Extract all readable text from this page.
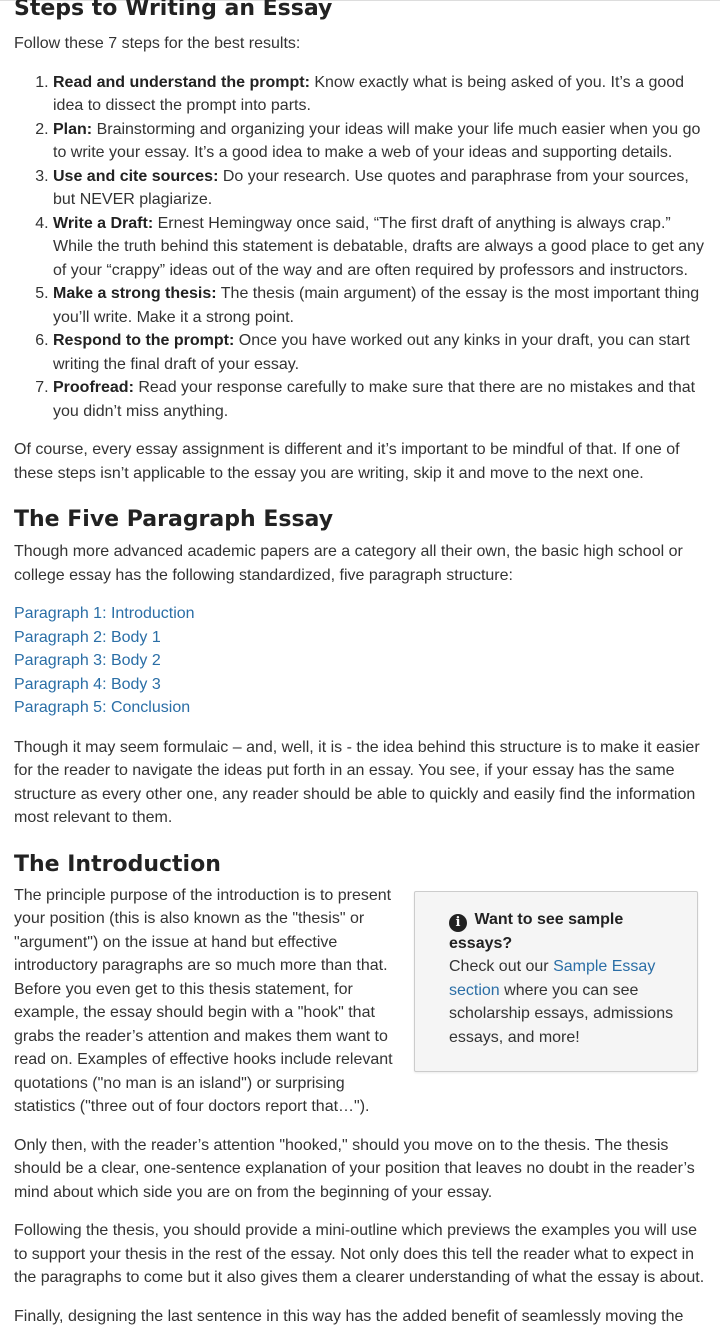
Steps to Writing an Essay

Follow these 7 steps for the best results:

1. Read and understand the prompt: Know exactly what is being asked of you. It’s a good idea to dissect the prompt into parts.
2. Plan: Brainstorming and organizing your ideas will make your life much easier when you go to write your essay. It’s a good idea to make a web of your ideas and supporting details.
3. Use and cite sources: Do your research. Use quotes and paraphrase from your sources, but NEVER plagiarize.
4. Write a Draft: Ernest Hemingway once said, “The first draft of anything is always crap.” While the truth behind this statement is debatable, drafts are always a good place to get any of your “crappy” ideas out of the way and are often required by professors and instructors.
5. Make a strong thesis: The thesis (main argument) of the essay is the most important thing you’ll write. Make it a strong point.
6. Respond to the prompt: Once you have worked out any kinks in your draft, you can start writing the final draft of your essay.
7. Proofread: Read your response carefully to make sure that there are no mistakes and that you didn’t miss anything.

Of course, every essay assignment is different and it’s important to be mindful of that. If one of these steps isn’t applicable to the essay you are writing, skip it and move to the next one.

The Five Paragraph Essay

Though more advanced academic papers are a category all their own, the basic high school or college essay has the following standardized, five paragraph structure:

Paragraph 1: Introduction
Paragraph 2: Body 1
Paragraph 3: Body 2
Paragraph 4: Body 3
Paragraph 5: Conclusion

Though it may seem formulaic – and, well, it is - the idea behind this structure is to make it easier for the reader to navigate the ideas put forth in an essay. You see, if your essay has the same structure as every other one, any reader should be able to quickly and easily find the information most relevant to them.

The Introduction

The principle purpose of the introduction is to present your position (this is also known as the "thesis" or "argument") on the issue at hand but effective introductory paragraphs are so much more than that. Before you even get to this thesis statement, for example, the essay should begin with a "hook" that grabs the reader’s attention and makes them want to read on. Examples of effective hooks include relevant quotations ("no man is an island") or surprising statistics ("three out of four doctors report that…").

i Want to see sample essays?
Check out our Sample Essay section where you can see scholarship essays, admissions essays, and more!

Only then, with the reader’s attention "hooked," should you move on to the thesis. The thesis should be a clear, one-sentence explanation of your position that leaves no doubt in the reader’s mind about which side you are on from the beginning of your essay.

Following the thesis, you should provide a mini-outline which previews the examples you will use to support your thesis in the rest of the essay. Not only does this tell the reader what to expect in the paragraphs to come but it also gives them a clearer understanding of what the essay is about.

Finally, designing the last sentence in this way has the added benefit of seamlessly moving the
